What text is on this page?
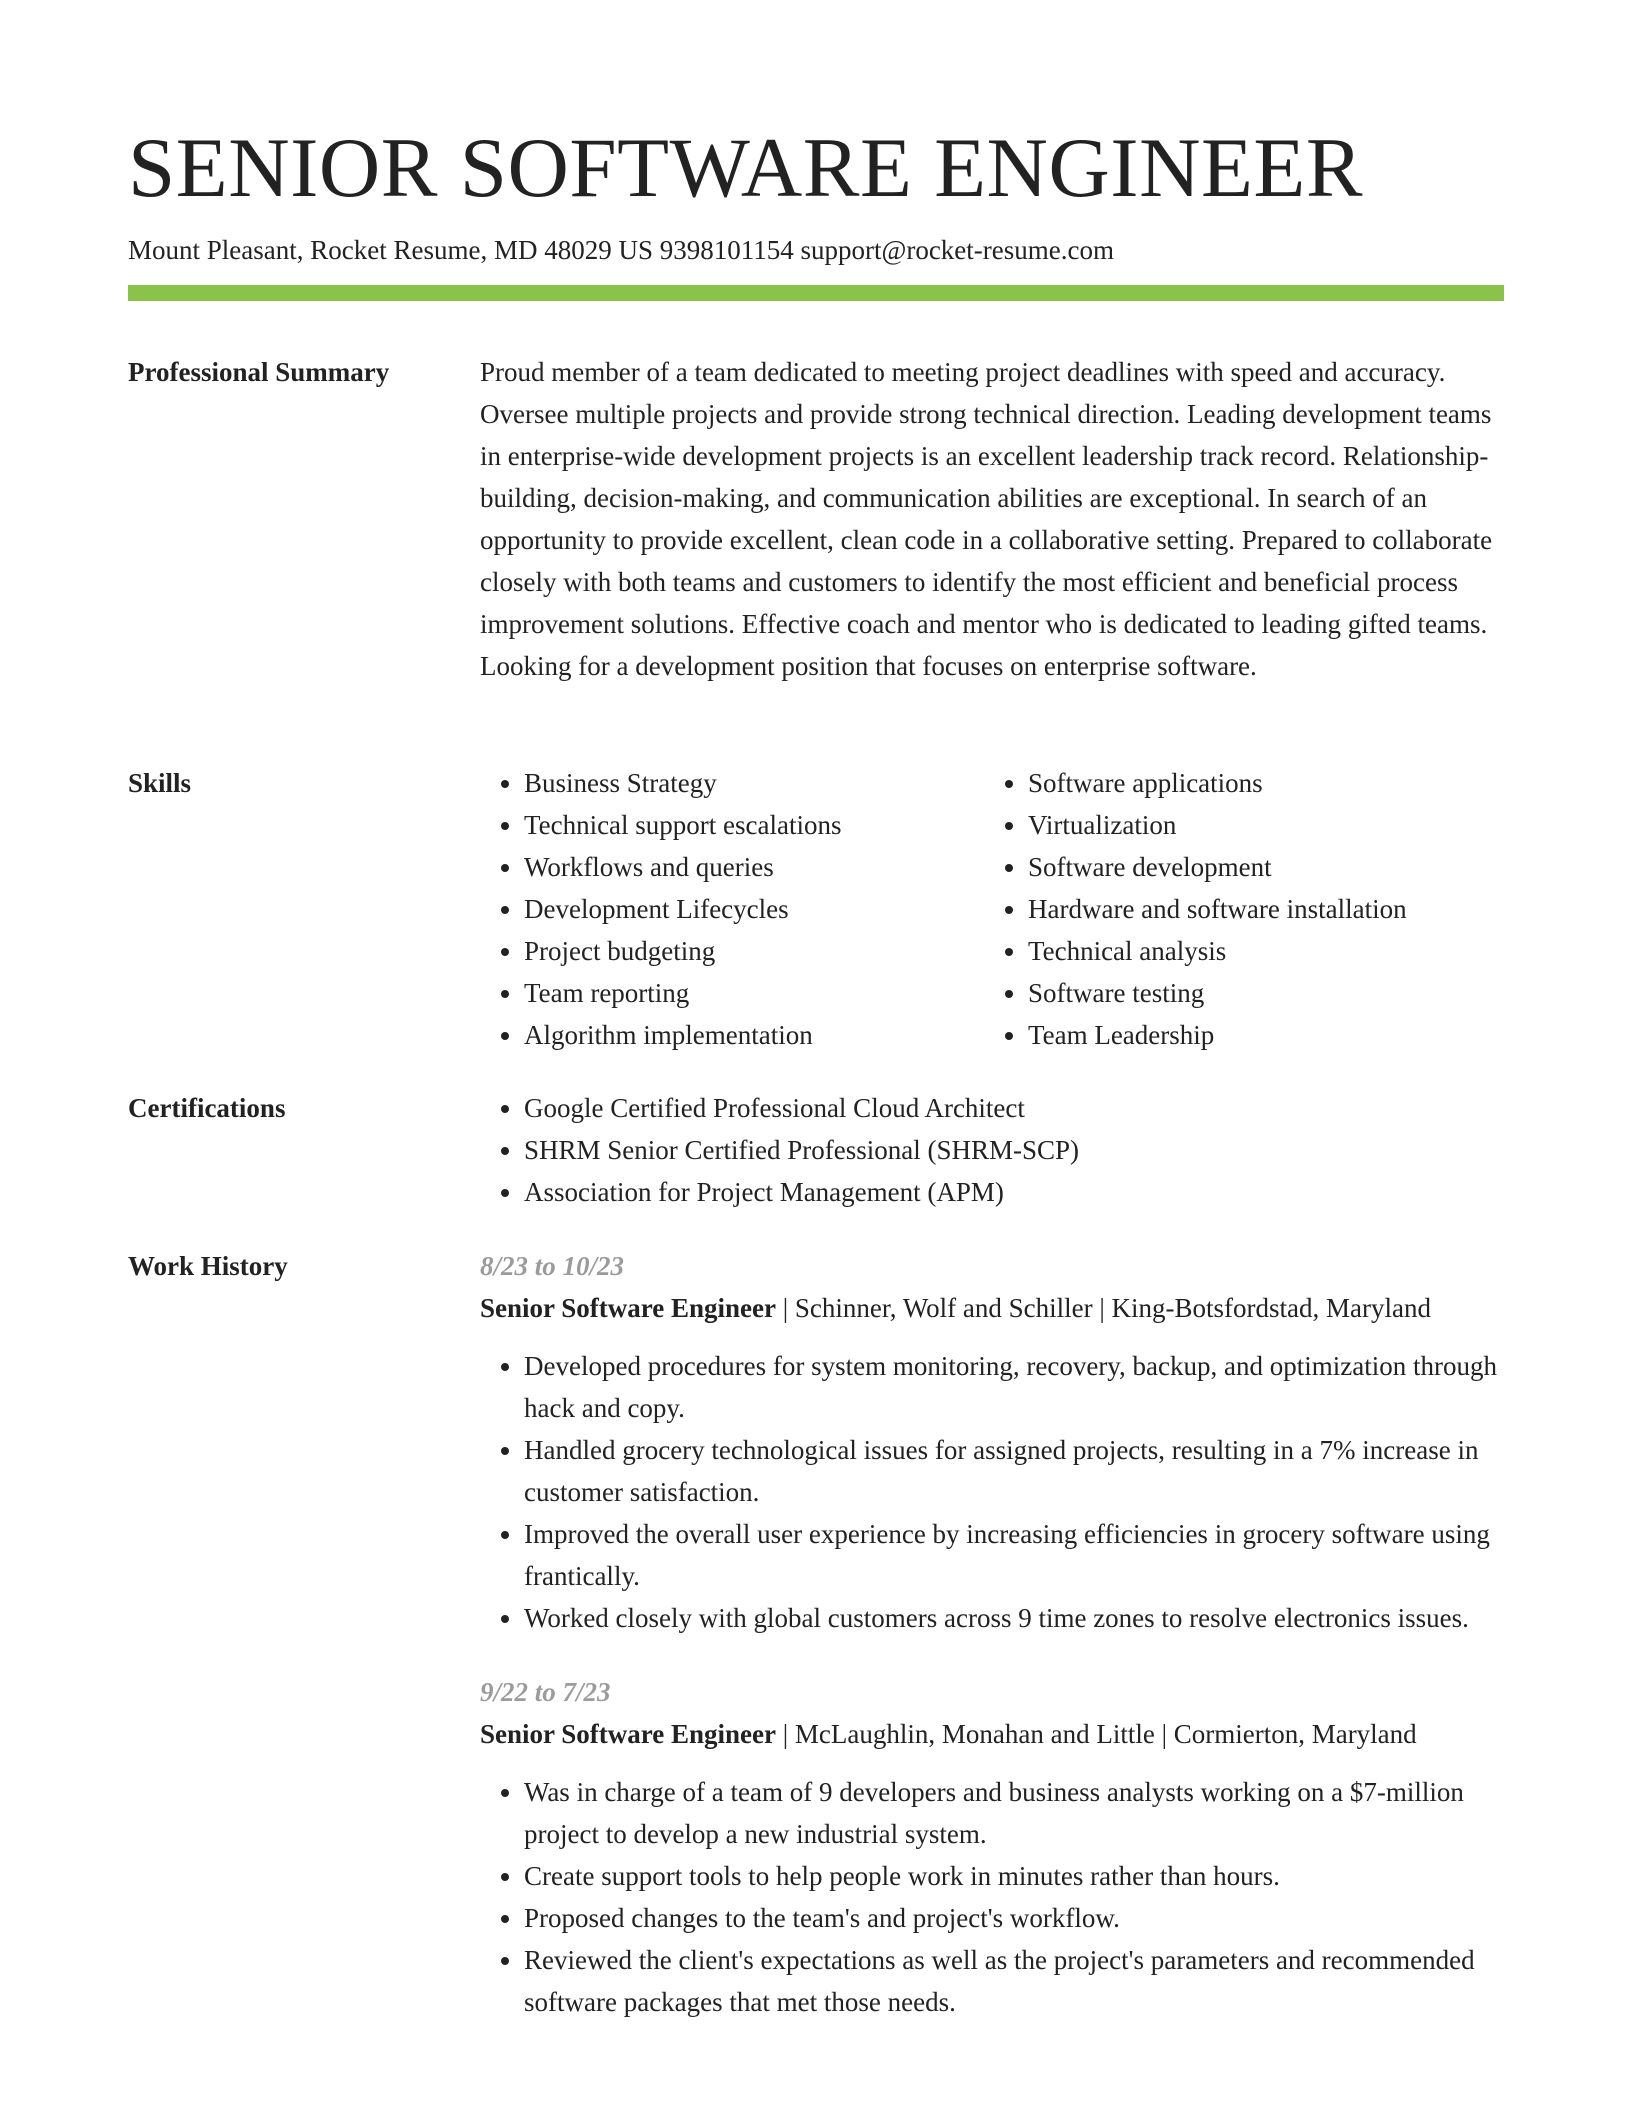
SENIOR SOFTWARE ENGINEER
Mount Pleasant, Rocket Resume, MD 48029 US 9398101154 support@rocket-resume.com
Professional Summary	Proud member of a team dedicated to meeting project deadlines with speed and accuracy. Oversee multiple projects and provide strong technical direction. Leading development teams in enterprise-wide development projects is an excellent leadership track record. Relationship-building, decision-making, and communication abilities are exceptional. In search of an opportunity to provide excellent, clean code in a collaborative setting. Prepared to collaborate closely with both teams and customers to identify the most efficient and beneficial process improvement solutions. Effective coach and mentor who is dedicated to leading gifted teams. Looking for a development position that focuses on enterprise software.

Skills	• Business Strategy
• Technical support escalations
• Workflows and queries
• Development Lifecycles
• Project budgeting
• Team reporting
• Algorithm implementation
• Software applications
• Virtualization
• Software development
• Hardware and software installation
• Technical analysis
• Software testing
• Team Leadership
Certifications	• Google Certified Professional Cloud Architect
• SHRM Senior Certified Professional (SHRM-SCP)
• Association for Project Management (APM)
Work History	8/23 to 10/23
Senior Software Engineer | Schinner, Wolf and Schiller | King-Botsfordstad, Maryland
• Developed procedures for system monitoring, recovery, backup, and optimization through hack and copy.
• Handled grocery technological issues for assigned projects, resulting in a 7% increase in customer satisfaction.
• Improved the overall user experience by increasing efficiencies in grocery software using frantically.
• Worked closely with global customers across 9 time zones to resolve electronics issues.
9/22 to 7/23
Senior Software Engineer | McLaughlin, Monahan and Little | Cormierton, Maryland
• Was in charge of a team of 9 developers and business analysts working on a $7-million project to develop a new industrial system.
• Create support tools to help people work in minutes rather than hours.
• Proposed changes to the team's and project's workflow.
• Reviewed the client's expectations as well as the project's parameters and recommended software packages that met those needs.
